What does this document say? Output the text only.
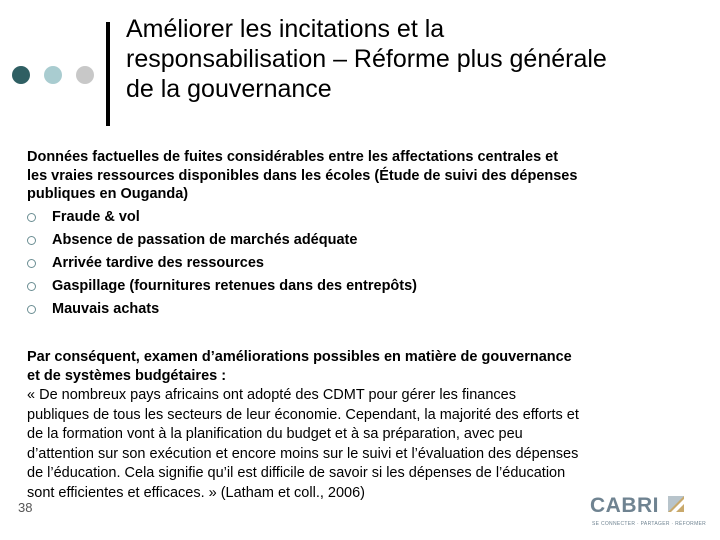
Améliorer les incitations et la
responsabilisation – Réforme plus générale
de la gouvernance
Données factuelles de fuites considérables entre les affectations centrales et
les vraies ressources disponibles dans les écoles (Étude de suivi des dépenses
publiques en Ouganda)
Fraude & vol
Absence de passation de marchés adéquate
Arrivée tardive des ressources
Gaspillage (fournitures retenues dans des entrepôts)
Mauvais achats
Par conséquent, examen d’améliorations possibles en matière de gouvernance
et de systèmes budgétaires :
« De nombreux pays africains ont adopté des CDMT pour gérer les finances
publiques de tous les secteurs de leur économie. Cependant, la majorité des efforts et
de la formation vont à la planification du budget et à sa préparation, avec peu
d’attention sur son exécution et encore moins sur le suivi et l’évaluation des dépenses
de l’éducation. Cela signifie qu’il est difficile de savoir si les dépenses de l’éducation
sont efficientes et efficaces. » (Latham et coll., 2006)
38	CABRI
SE CONNECTER · PARTAGER · RÉFORMER
